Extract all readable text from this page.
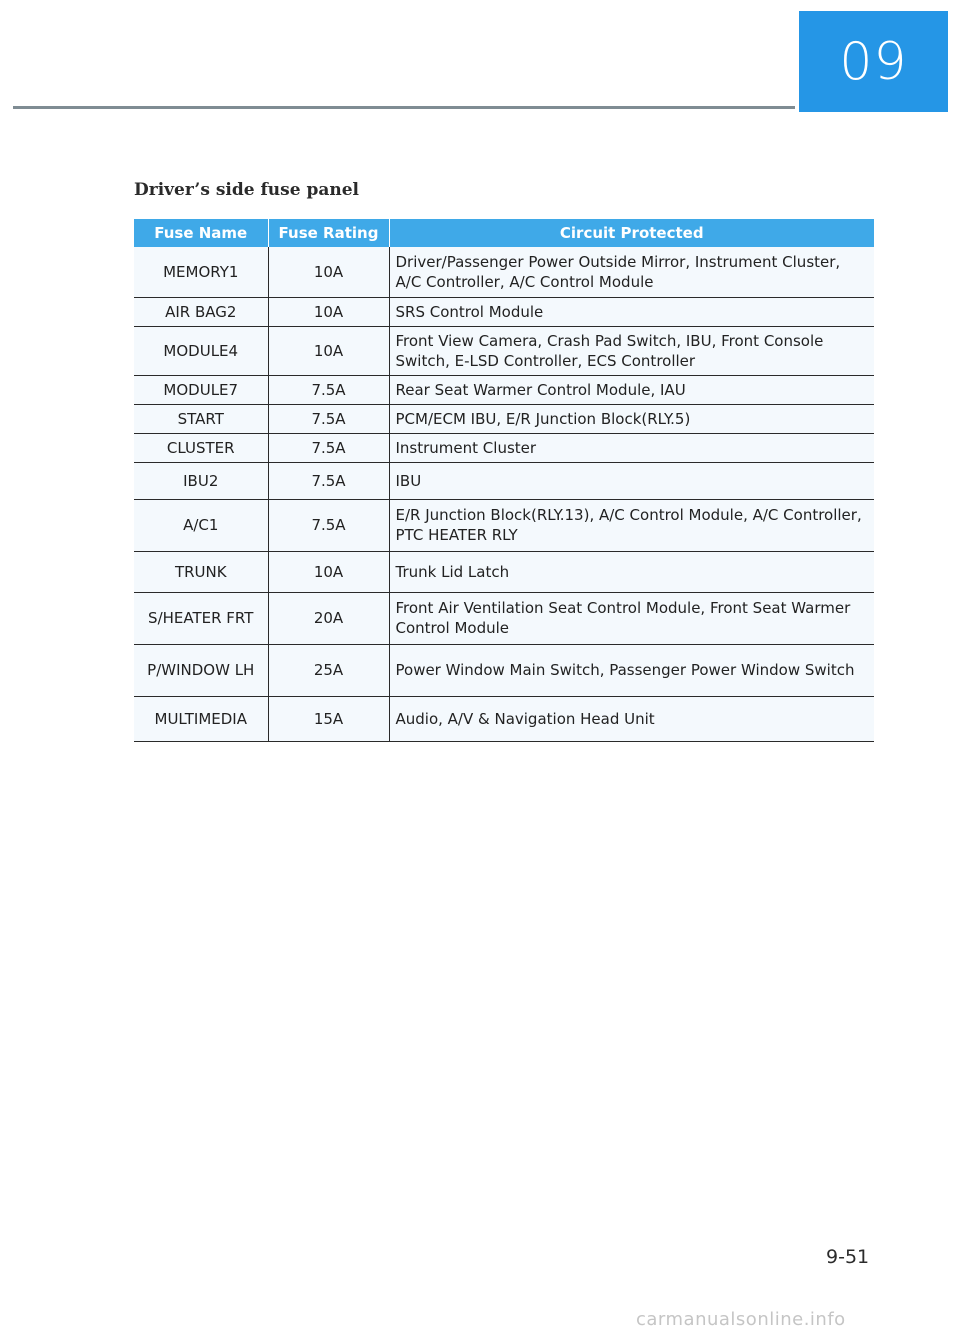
09
Driver’s side fuse panel
Fuse Name	Fuse Rating	Circuit Protected
MEMORY1	10A	Driver/Passenger Power Outside Mirror, Instrument Cluster, A/C Controller, A/C Control Module
AIR BAG2	10A	SRS Control Module
MODULE4	10A	Front View Camera, Crash Pad Switch, IBU, Front Console Switch, E-LSD Controller, ECS Controller
MODULE7	7.5A	Rear Seat Warmer Control Module, IAU
START	7.5A	PCM/ECM IBU, E/R Junction Block(RLY.5)
CLUSTER	7.5A	Instrument Cluster
IBU2	7.5A	IBU
A/C1	7.5A	E/R Junction Block(RLY.13), A/C Control Module, A/C Controller, PTC HEATER RLY
TRUNK	10A	Trunk Lid Latch
S/HEATER FRT	20A	Front Air Ventilation Seat Control Module, Front Seat Warmer Control Module
P/WINDOW LH	25A	Power Window Main Switch, Passenger Power Window Switch
MULTIMEDIA	15A	Audio, A/V & Navigation Head Unit
9-51
carmanualsonline.info
